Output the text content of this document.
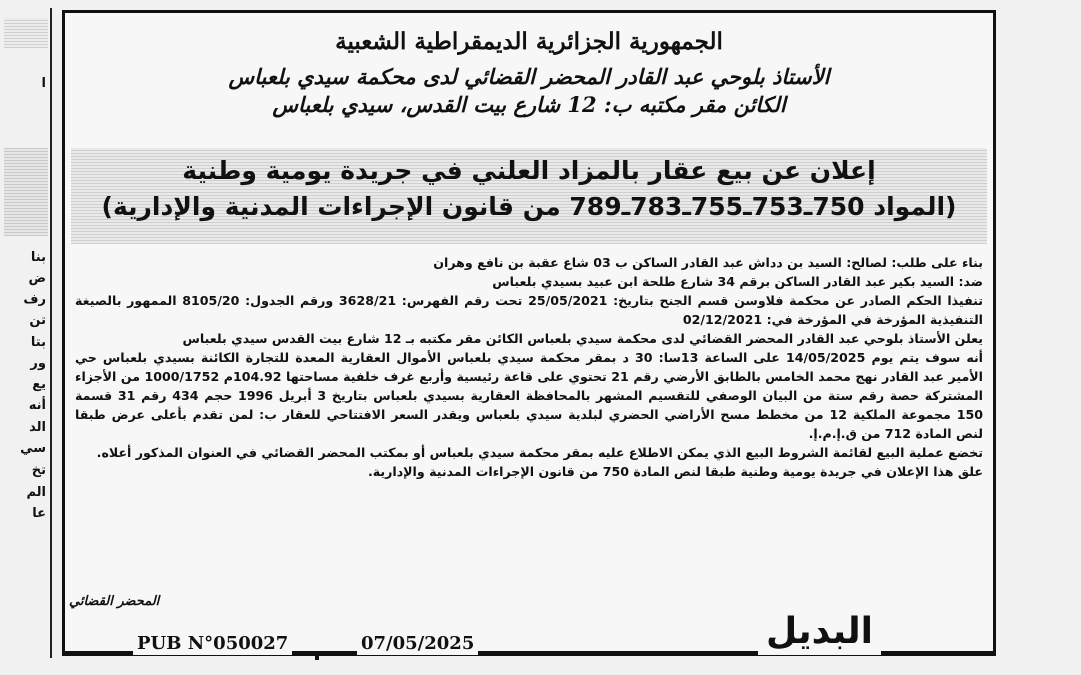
ا
بنا
ض
رف
تن
بتا
ور
يع
أنه
الد
سي
تخ
الم
عا
الجمهورية الجزائرية الديمقراطية الشعبية
الأستاذ بلوحي عبد القادر المحضر القضائي لدى محكمة سيدي بلعباس
الكائن مقر مكتبه ب: 12 شارع بيت القدس، سيدي بلعباس
إعلان عن بيع عقار بالمزاد العلني في جريدة يومية وطنية
(المواد 750ـ753ـ755ـ783ـ789 من قانون الإجراءات المدنية والإدارية)

بناء على طلب: لصالح: السيد بن دداش عبد القادر الساكن ب 03 شاع عقبة بن نافع وهران

ضد: السيد بكير عبد القادر الساكن برقم 34 شارع طلحة ابن عبيد بسيدي بلعباس

تنفيذا الحكم الصادر عن محكمة فلاوسن قسم الجنح بتاريخ: 25/05/2021 تحت رقم الفهرس: 3628/21 ورقم الجدول: 8105/20 الممهور بالصيغة التنفيذية المؤرخة في المؤرخة في: 02/12/2021

يعلن الأستاذ بلوحي عبد القادر المحضر القضائي لدى محكمة سيدي بلعباس الكائن مقر مكتبه بـ 12 شارع بيت القدس سيدي بلعباس

أنه سوف يتم يوم 14/05/2025 على الساعة 13سا: 30 د بمقر محكمة سيدي بلعباس الأموال العقارية المعدة للتجارة الكائنة بسيدي بلعباس حي الأمير عبد القادر نهج محمد الخامس بالطابق الأرضي رقم 21 تحتوي على قاعة رئيسية وأربع غرف خلفية مساحتها 104.92م 1000/1752 من الأجزاء المشتركة حصة رقم ستة من البيان الوصفي للتقسيم المشهر بالمحافظة العقارية بسيدي بلعباس بتاريخ 3 أبريل 1996 حجم 434 رقم 31 قسمة 150 مجموعة الملكية 12 من مخطط مسح الأراضي الحضري لبلدية سيدي بلعباس ويقدر السعر الافتتاحي للعقار ب: لمن تقدم بأعلى عرض طبقا لنص المادة 712 من ق.إ.م.إ.

تخضع عملية البيع لقائمة الشروط البيع الذي يمكن الاطلاع عليه بمقر محكمة سيدي بلعباس أو بمكتب المحضر القضائي في العنوان المذكور أعلاه.

علق هذا الإعلان في جريدة يومية وطنية طبقا لنص المادة 750 من قانون الإجراءات المدنية والإدارية.

المحضر القضائي
PUB N°050027	07/05/2025	البديل
